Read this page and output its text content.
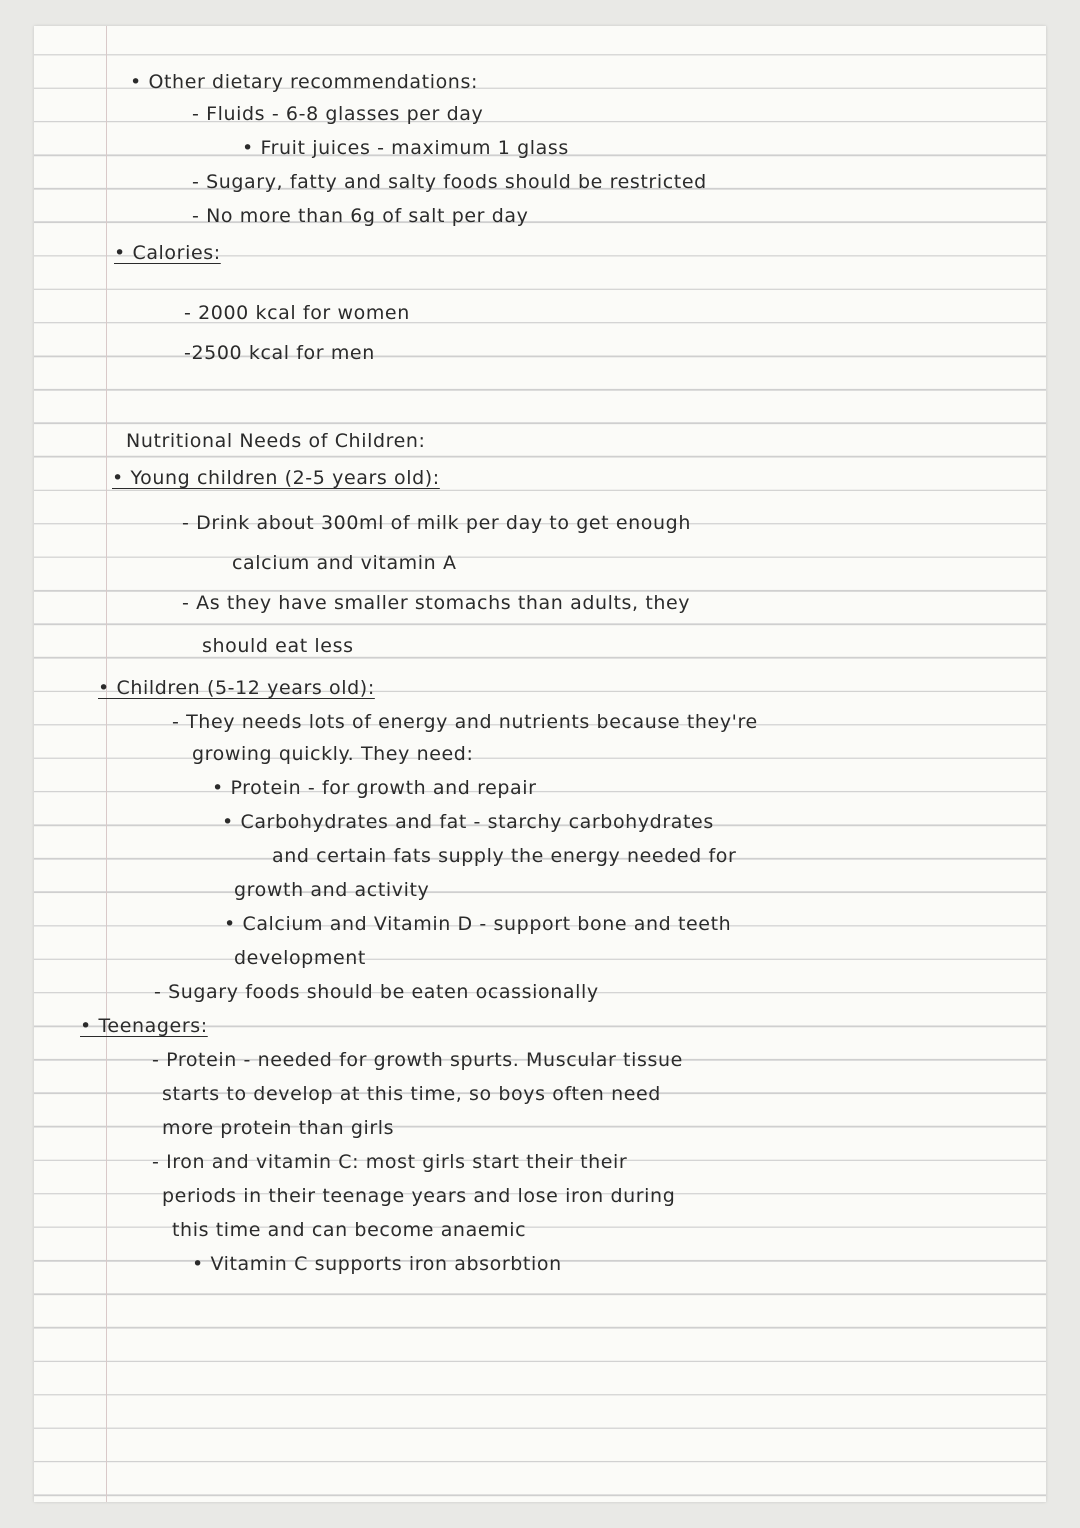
• Other dietary recommendations:
- Fluids - 6-8 glasses per day
• Fruit juices - maximum 1 glass
- Sugary, fatty and salty foods should be restricted
- No more than 6g of salt per day
• Calories:
- 2000 kcal for women
-2500 kcal for men
Nutritional Needs of Children:
• Young children (2-5 years old):
- Drink about 300ml of milk per day to get enough
calcium and vitamin A
- As they have smaller stomachs than adults, they
should eat less
• Children (5-12 years old):
- They needs lots of energy and nutrients because they're
growing quickly. They need:
• Protein - for growth and repair
• Carbohydrates and fat - starchy carbohydrates
and certain fats supply the energy needed for
growth and activity
• Calcium and Vitamin D - support bone and teeth
development
- Sugary foods should be eaten ocassionally
• Teenagers:
- Protein - needed for growth spurts. Muscular tissue
starts to develop at this time, so boys often need
more protein than girls
- Iron and vitamin C: most girls start their their
periods in their teenage years and lose iron during
this time and can become anaemic
• Vitamin C supports iron absorbtion
